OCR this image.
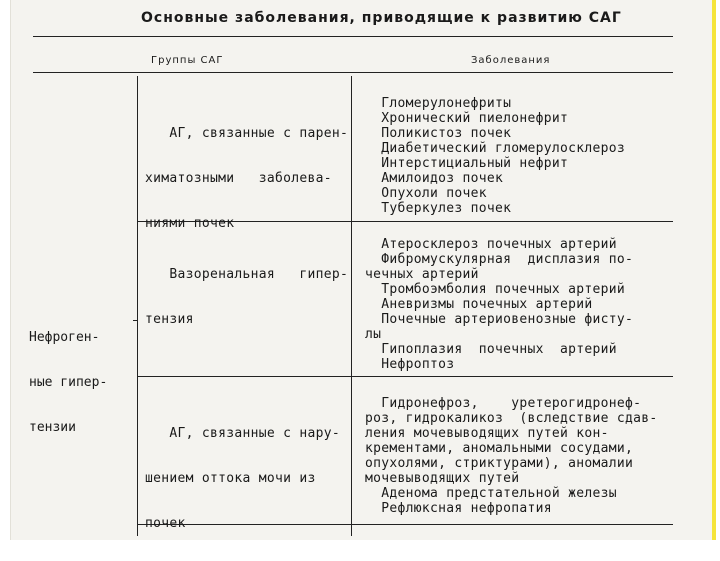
Основные заболевания, приводящие к развитию САГ
Группы САГ	Заболевания

Нефроген-

ные гипер-

тензии

АГ, связанные с парен-

химатозными   заболева-

ниями почек

Гломерулонефриты
Хронический пиелонефрит
Поликистоз почек
Диабетический гломерулосклероз
Интерстициальный нефрит
Амилоидоз почек
Опухоли почек
Туберкулез почек

Вазоренальная   гипер-

тензия

Атеросклероз почечных артерий
Фибромускулярная  дисплазия по-
чечных артерий
Тромбоэмболия почечных артерий
Аневризмы почечных артерий
Почечные артериовенозные фисту-
лы
Гипоплазия  почечных  артерий
Нефроптоз

АГ, связанные с нару-

шением оттока мочи из

почек

Гидронефроз,    уретерогидронеф-
роз, гидрокаликоз  (вследствие сдав-
ления мочевыводящих путей кон-
крементами, аномальными сосудами,
опухолями, стриктурами), аномалии
мочевыводящих путей
Аденома предстательной железы
Рефлюксная нефропатия
